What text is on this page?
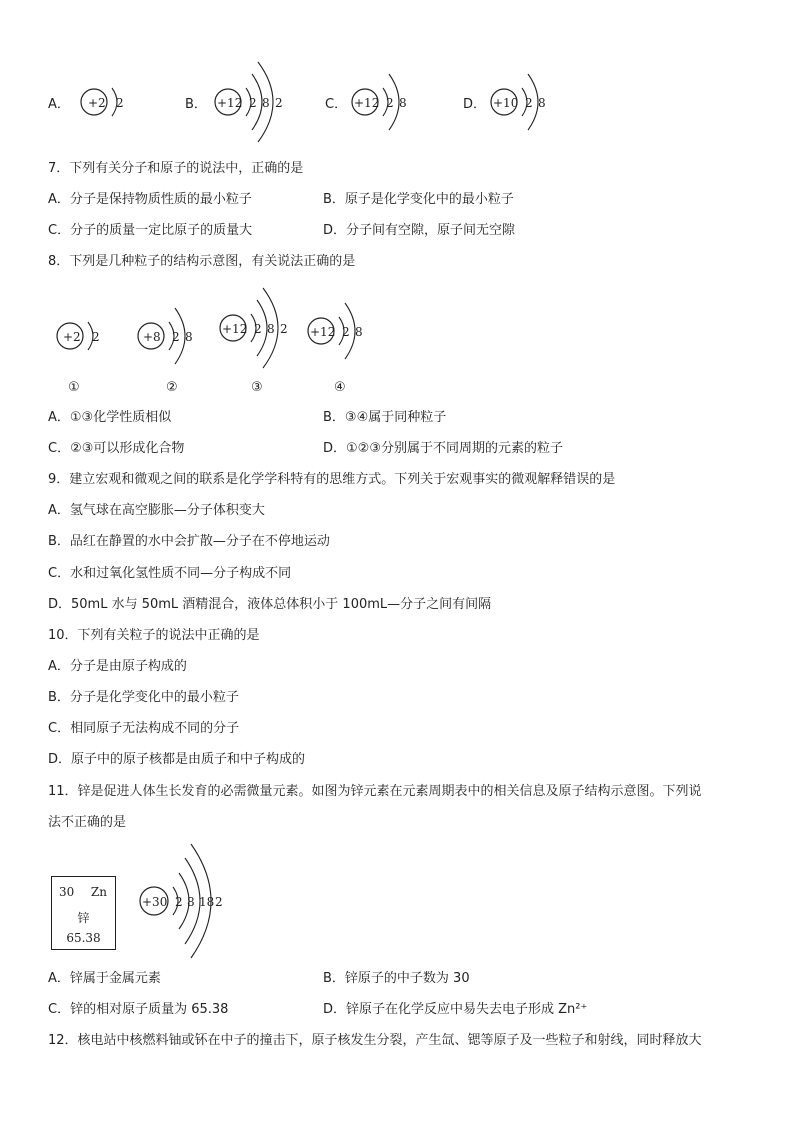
A． +2 2	B． +12 2 8 2	C． +12 2 8	D． +10 2 8
7．下列有关分子和原子的说法中，正确的是
A．分子是保持物质性质的最小粒子	B．原子是化学变化中的最小粒子
C．分子的质量一定比原子的质量大	D．分子间有空隙，原子间无空隙
8．下列是几种粒子的结构示意图，有关说法正确的是
+2 2
①
+8 2 8
②
+12 2 8 2
③
+12 2 8
④
A．①③化学性质相似	B．③④属于同种粒子
C．②③可以形成化合物	D．①②③分别属于不同周期的元素的粒子
9．建立宏观和微观之间的联系是化学学科特有的思维方式。下列关于宏观事实的微观解释错误的是
A．氢气球在高空膨胀—分子体积变大
B．品红在静置的水中会扩散—分子在不停地运动
C．水和过氧化氢性质不同—分子构成不同
D．50mL 水与 50mL 酒精混合，液体总体积小于 100mL—分子之间有间隔
10．下列有关粒子的说法中正确的是
A．分子是由原子构成的
B．分子是化学变化中的最小粒子
C．相同原子无法构成不同的分子
D．原子中的原子核都是由质子和中子构成的
11．锌是促进人体生长发育的必需微量元素。如图为锌元素在元素周期表中的相关信息及原子结构示意图。下列说
法不正确的是
30 Zn
锌
65.38
+30 2 8 18 2
A．锌属于金属元素	B．锌原子的中子数为 30
C．锌的相对原子质量为 65.38	D．锌原子在化学反应中易失去电子形成 Zn²⁺
12．核电站中核燃料铀或钚在中子的撞击下，原子核发生分裂，产生氙、锶等原子及一些粒子和射线，同时释放大
